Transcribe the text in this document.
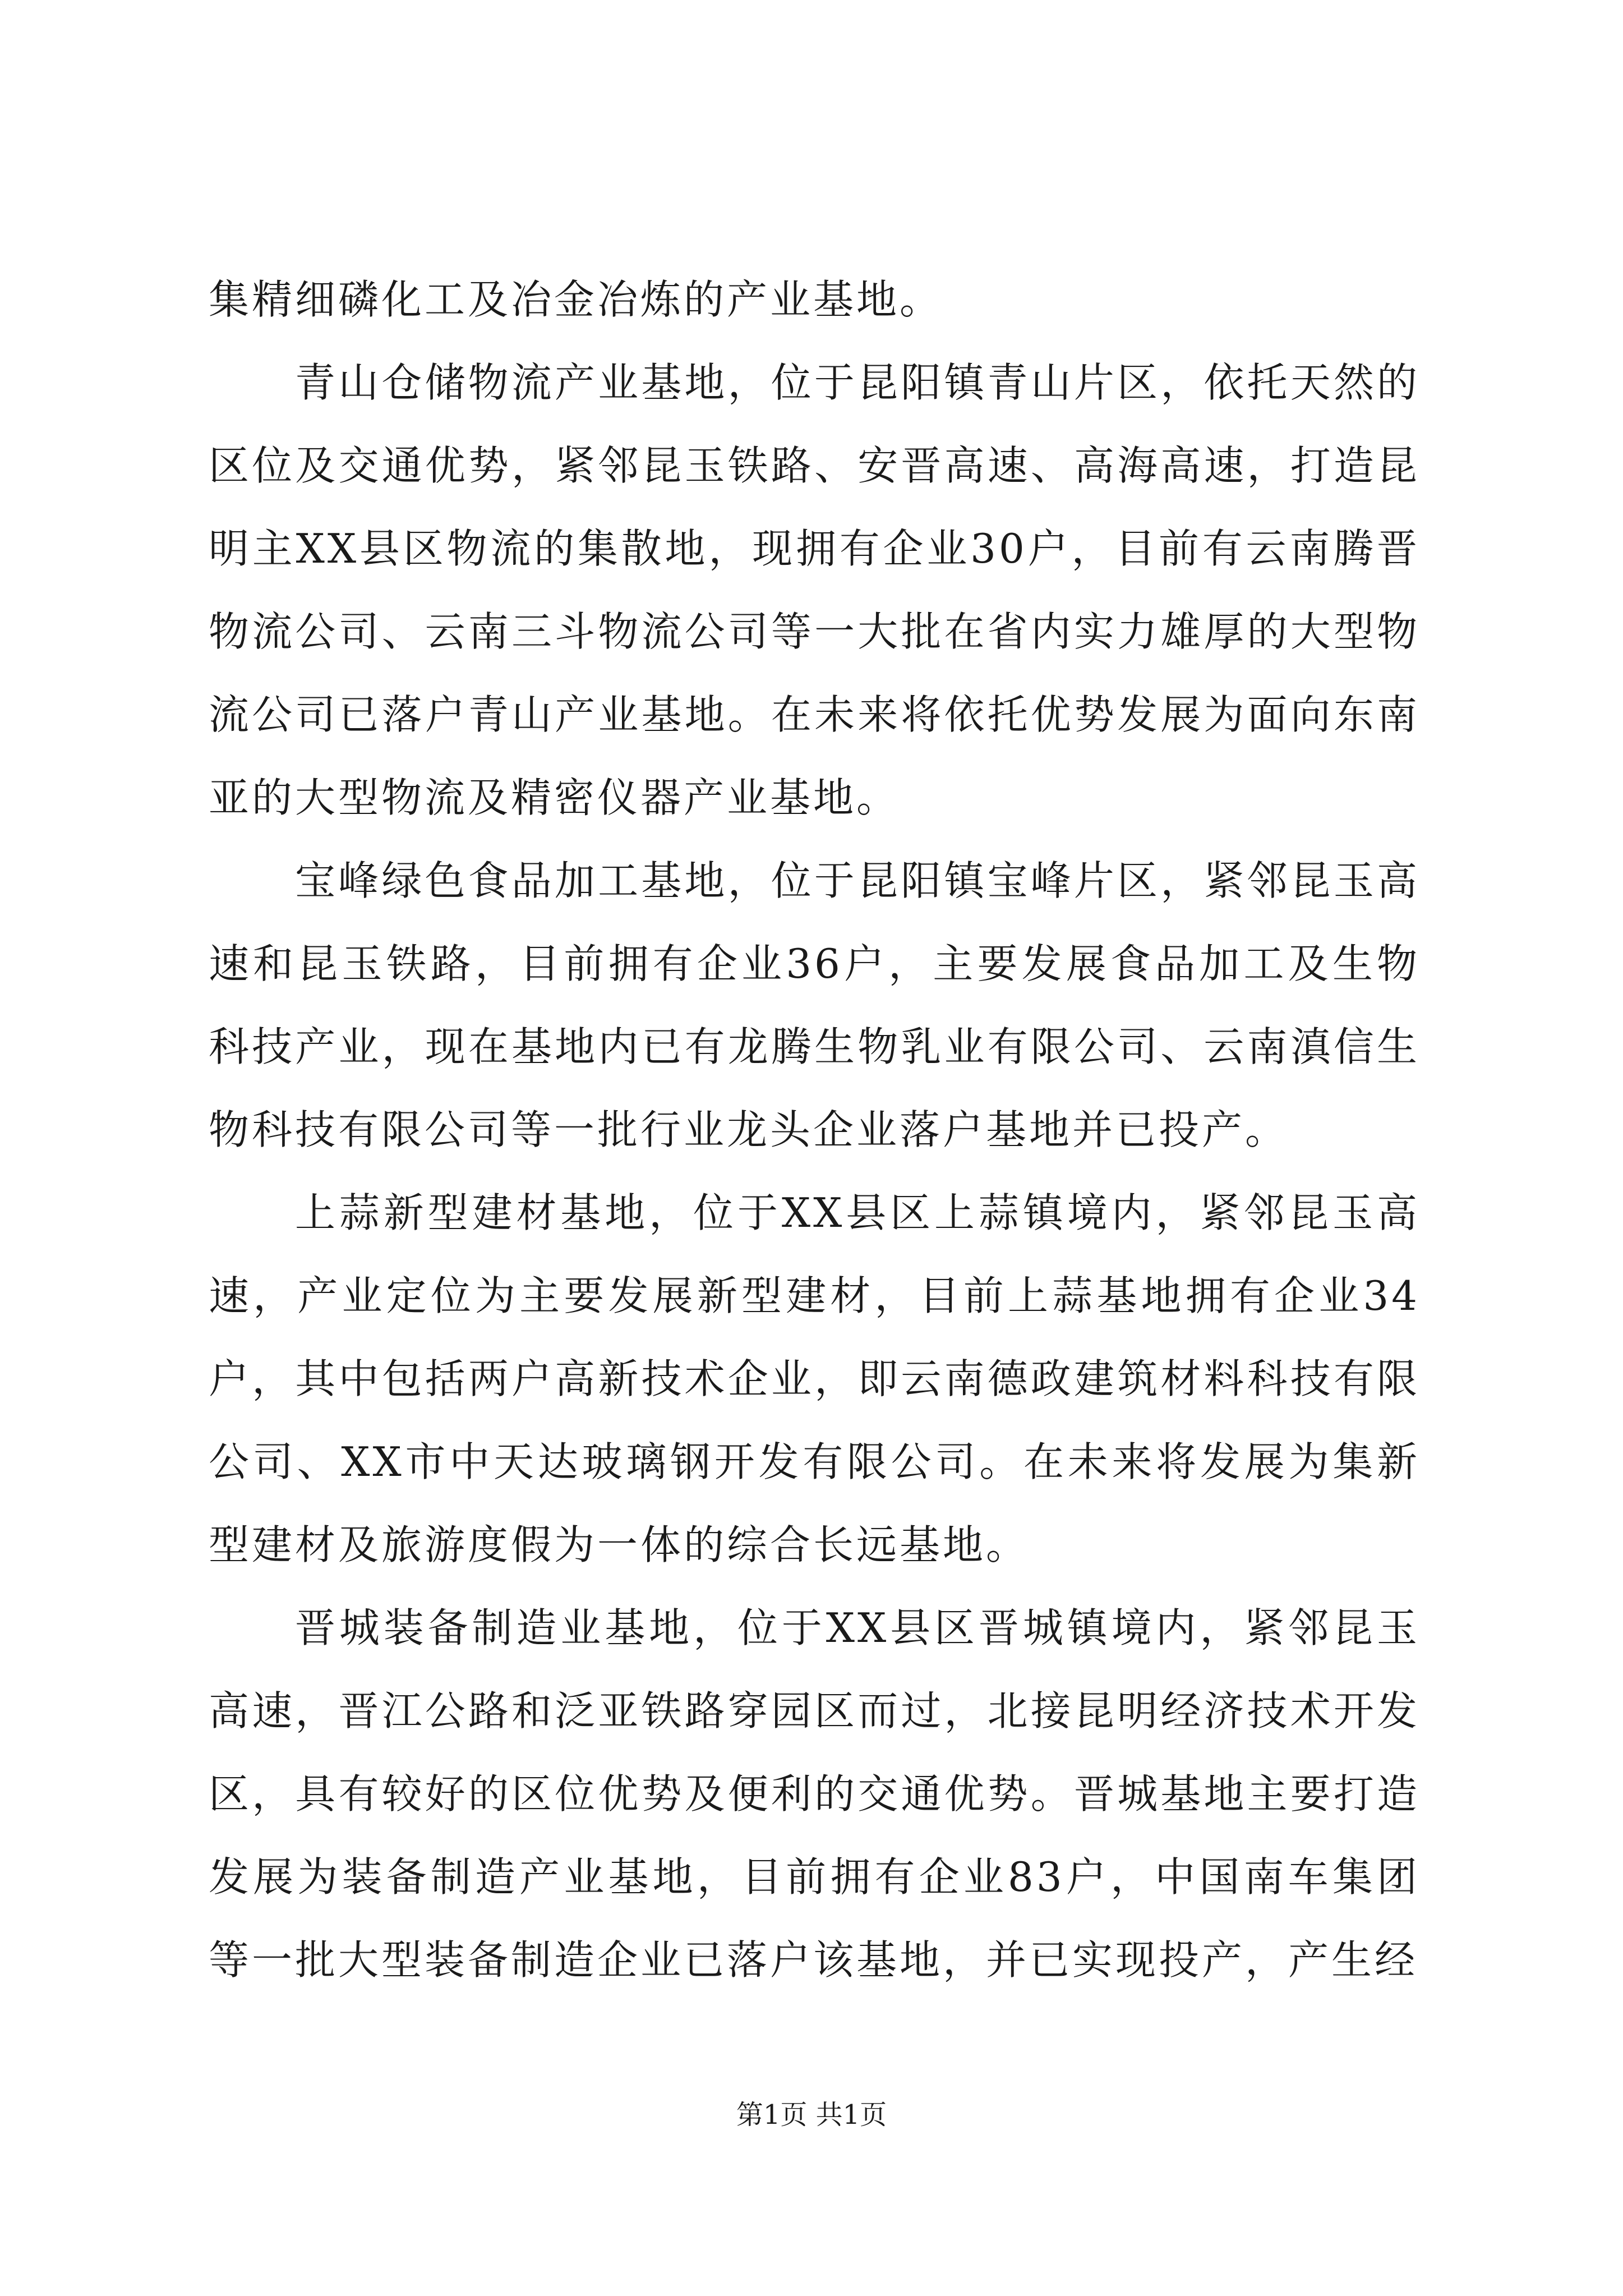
集精细磷化工及冶金冶炼的产业基地。

青山仓储物流产业基地，位于昆阳镇青山片区，依托天然的区位及交通优势，紧邻昆玉铁路、安晋高速、高海高速，打造昆明主XX县区物流的集散地，现拥有企业30户，目前有云南腾晋物流公司、云南三斗物流公司等一大批在省内实力雄厚的大型物流公司已落户青山产业基地。在未来将依托优势发展为面向东南亚的大型物流及精密仪器产业基地。

宝峰绿色食品加工基地，位于昆阳镇宝峰片区，紧邻昆玉高速和昆玉铁路，目前拥有企业36户，主要发展食品加工及生物科技产业，现在基地内已有龙腾生物乳业有限公司、云南滇信生物科技有限公司等一批行业龙头企业落户基地并已投产。

上蒜新型建材基地，位于XX县区上蒜镇境内，紧邻昆玉高速，产业定位为主要发展新型建材，目前上蒜基地拥有企业34户，其中包括两户高新技术企业，即云南德政建筑材料科技有限公司、XX市中天达玻璃钢开发有限公司。在未来将发展为集新型建材及旅游度假为一体的综合长远基地。

晋城装备制造业基地，位于XX县区晋城镇境内，紧邻昆玉高速，晋江公路和泛亚铁路穿园区而过，北接昆明经济技术开发区，具有较好的区位优势及便利的交通优势。晋城基地主要打造发展为装备制造产业基地，目前拥有企业83户，中国南车集团等一批大型装备制造企业已落户该基地，并已实现投产，产生经

第1页 共1页
